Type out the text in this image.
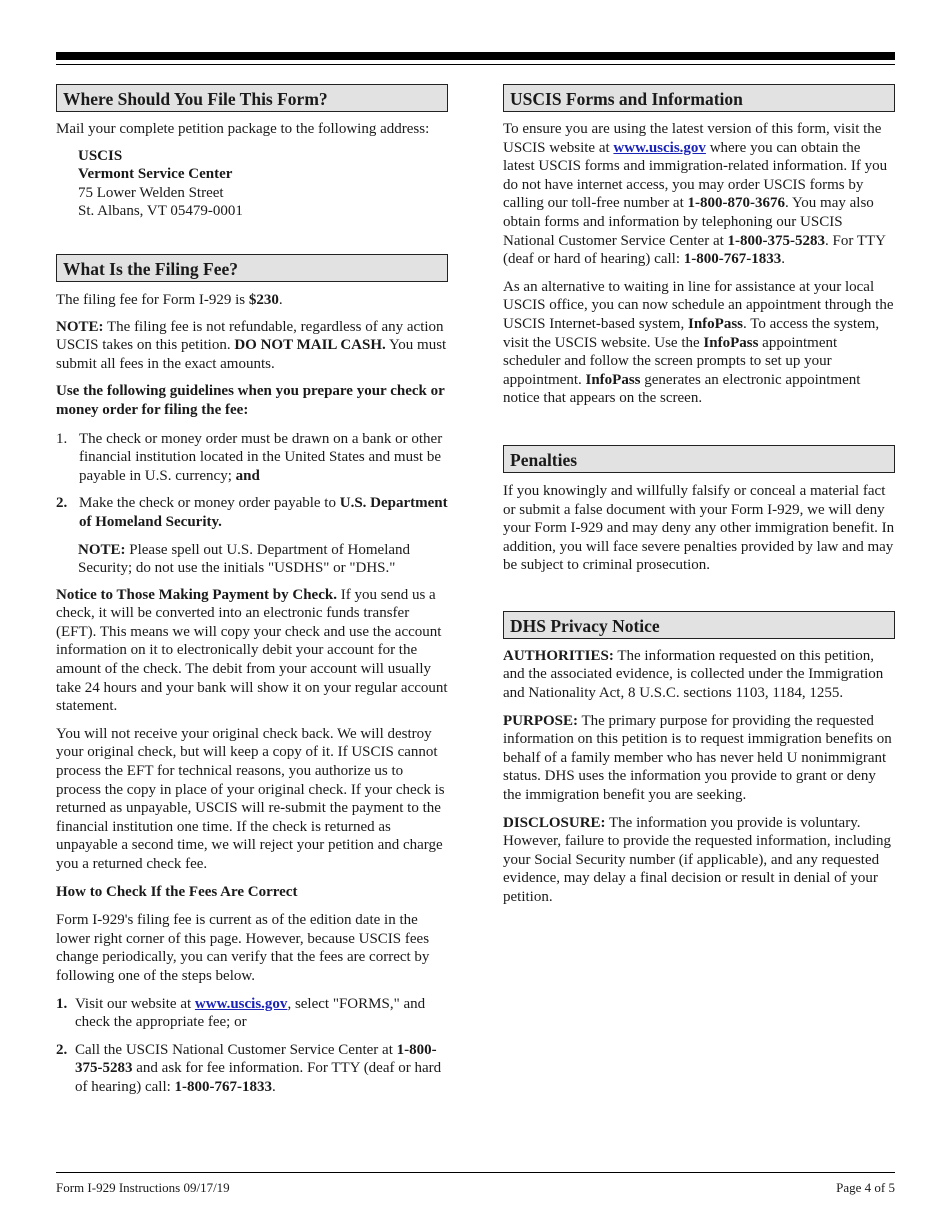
Where Should You File This Form?

Mail your complete petition package to the following address:

USCIS
Vermont Service Center
75 Lower Welden Street
St. Albans, VT 05479-0001
What Is the Filing Fee?

The filing fee for Form I-929 is $230.

NOTE: The filing fee is not refundable, regardless of any action USCIS takes on this petition. DO NOT MAIL CASH. You must submit all fees in the exact amounts.

Use the following guidelines when you prepare your check or money order for filing the fee:

1. The check or money order must be drawn on a bank or other financial institution located in the United States and must be payable in U.S. currency; and
2. Make the check or money order payable to U.S. Department of Homeland Security.

NOTE: Please spell out U.S. Department of Homeland Security; do not use the initials "USDHS" or "DHS."

Notice to Those Making Payment by Check. If you send us a check, it will be converted into an electronic funds transfer (EFT). This means we will copy your check and use the account information on it to electronically debit your account for the amount of the check. The debit from your account will usually take 24 hours and your bank will show it on your regular account statement.

You will not receive your original check back. We will destroy your original check, but will keep a copy of it. If USCIS cannot process the EFT for technical reasons, you authorize us to process the copy in place of your original check. If your check is returned as unpayable, USCIS will re-submit the payment to the financial institution one time. If the check is returned as unpayable a second time, we will reject your petition and charge you a returned check fee.

How to Check If the Fees Are Correct

Form I-929's filing fee is current as of the edition date in the lower right corner of this page. However, because USCIS fees change periodically, you can verify that the fees are correct by following one of the steps below.

1. Visit our website at www.uscis.gov, select "FORMS," and check the appropriate fee; or
2. Call the USCIS National Customer Service Center at 1-800-375-5283 and ask for fee information. For TTY (deaf or hard of hearing) call: 1-800-767-1833.
USCIS Forms and Information

To ensure you are using the latest version of this form, visit the USCIS website at www.uscis.gov where you can obtain the latest USCIS forms and immigration-related information. If you do not have internet access, you may order USCIS forms by calling our toll-free number at 1-800-870-3676. You may also obtain forms and information by telephoning our USCIS National Customer Service Center at 1-800-375-5283. For TTY (deaf or hard of hearing) call: 1-800-767-1833.

As an alternative to waiting in line for assistance at your local USCIS office, you can now schedule an appointment through the USCIS Internet-based system, InfoPass. To access the system, visit the USCIS website. Use the InfoPass appointment scheduler and follow the screen prompts to set up your appointment. InfoPass generates an electronic appointment notice that appears on the screen.

Penalties

If you knowingly and willfully falsify or conceal a material fact or submit a false document with your Form I-929, we will deny your Form I-929 and may deny any other immigration benefit. In addition, you will face severe penalties provided by law and may be subject to criminal prosecution.

DHS Privacy Notice

AUTHORITIES: The information requested on this petition, and the associated evidence, is collected under the Immigration and Nationality Act, 8 U.S.C. sections 1103, 1184, 1255.

PURPOSE: The primary purpose for providing the requested information on this petition is to request immigration benefits on behalf of a family member who has never held U nonimmigrant status. DHS uses the information you provide to grant or deny the immigration benefit you are seeking.

DISCLOSURE: The information you provide is voluntary. However, failure to provide the requested information, including your Social Security number (if applicable), and any requested evidence, may delay a final decision or result in denial of your petition.

Form I-929 Instructions 09/17/19	Page 4 of 5
